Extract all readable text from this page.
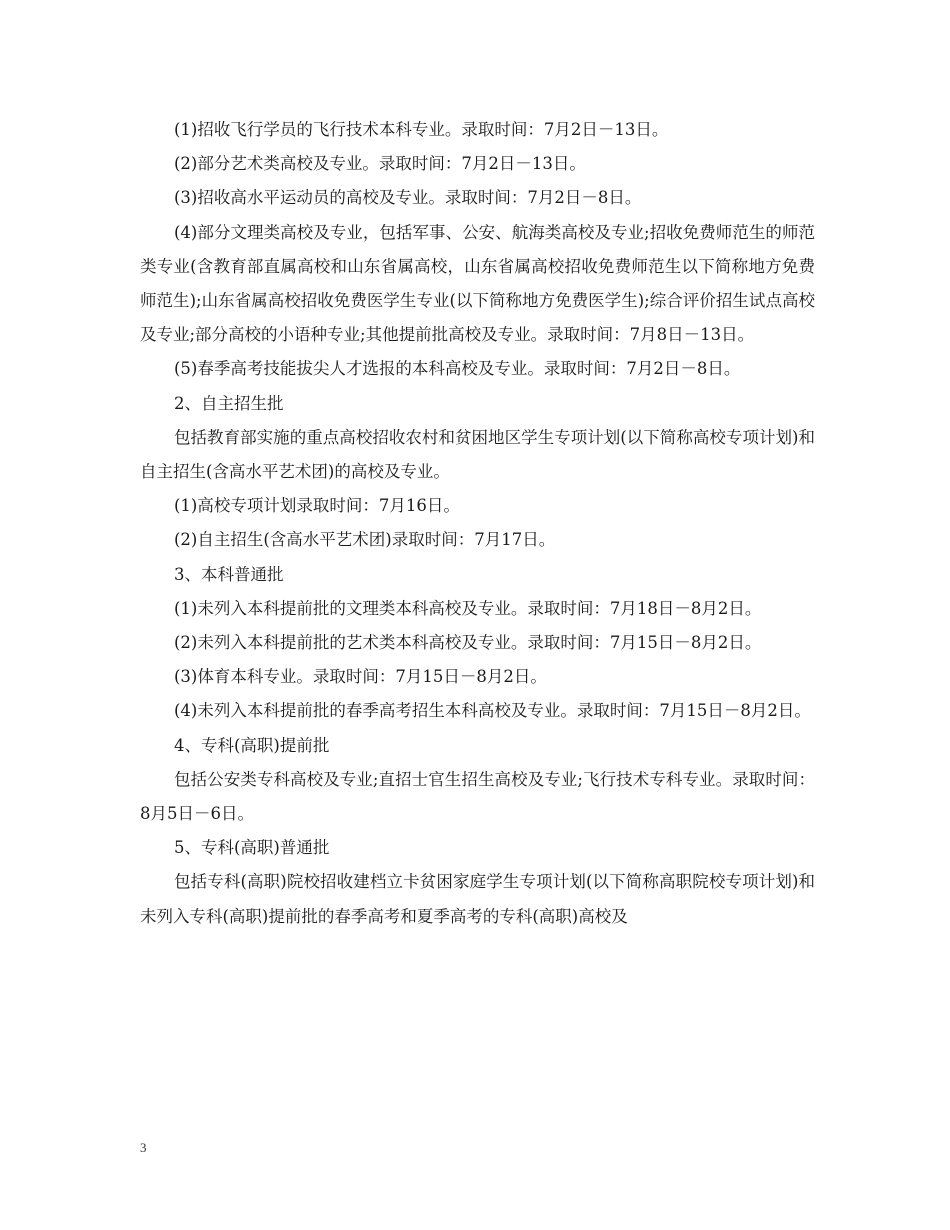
(1)招收飞行学员的飞行技术本科专业。录取时间：7月2日－13日。

(2)部分艺术类高校及专业。录取时间：7月2日－13日。

(3)招收高水平运动员的高校及专业。录取时间：7月2日－8日。

(4)部分文理类高校及专业，包括军事、公安、航海类高校及专业;招收免费师范生的师范类专业(含教育部直属高校和山东省属高校，山东省属高校招收免费师范生以下简称地方免费师范生);山东省属高校招收免费医学生专业(以下简称地方免费医学生);综合评价招生试点高校及专业;部分高校的小语种专业;其他提前批高校及专业。录取时间：7月8日－13日。

(5)春季高考技能拔尖人才选报的本科高校及专业。录取时间：7月2日－8日。

2、自主招生批

包括教育部实施的重点高校招收农村和贫困地区学生专项计划(以下简称高校专项计划)和自主招生(含高水平艺术团)的高校及专业。

(1)高校专项计划录取时间：7月16日。

(2)自主招生(含高水平艺术团)录取时间：7月17日。

3、本科普通批

(1)未列入本科提前批的文理类本科高校及专业。录取时间：7月18日－8月2日。

(2)未列入本科提前批的艺术类本科高校及专业。录取时间：7月15日－8月2日。

(3)体育本科专业。录取时间：7月15日－8月2日。

(4)未列入本科提前批的春季高考招生本科高校及专业。录取时间：7月15日－8月2日。

4、专科(高职)提前批

包括公安类专科高校及专业;直招士官生招生高校及专业;飞行技术专科专业。录取时间：8月5日－6日。

5、专科(高职)普通批

包括专科(高职)院校招收建档立卡贫困家庭学生专项计划(以下简称高职院校专项计划)和未列入专科(高职)提前批的春季高考和夏季高考的专科(高职)高校及

3
